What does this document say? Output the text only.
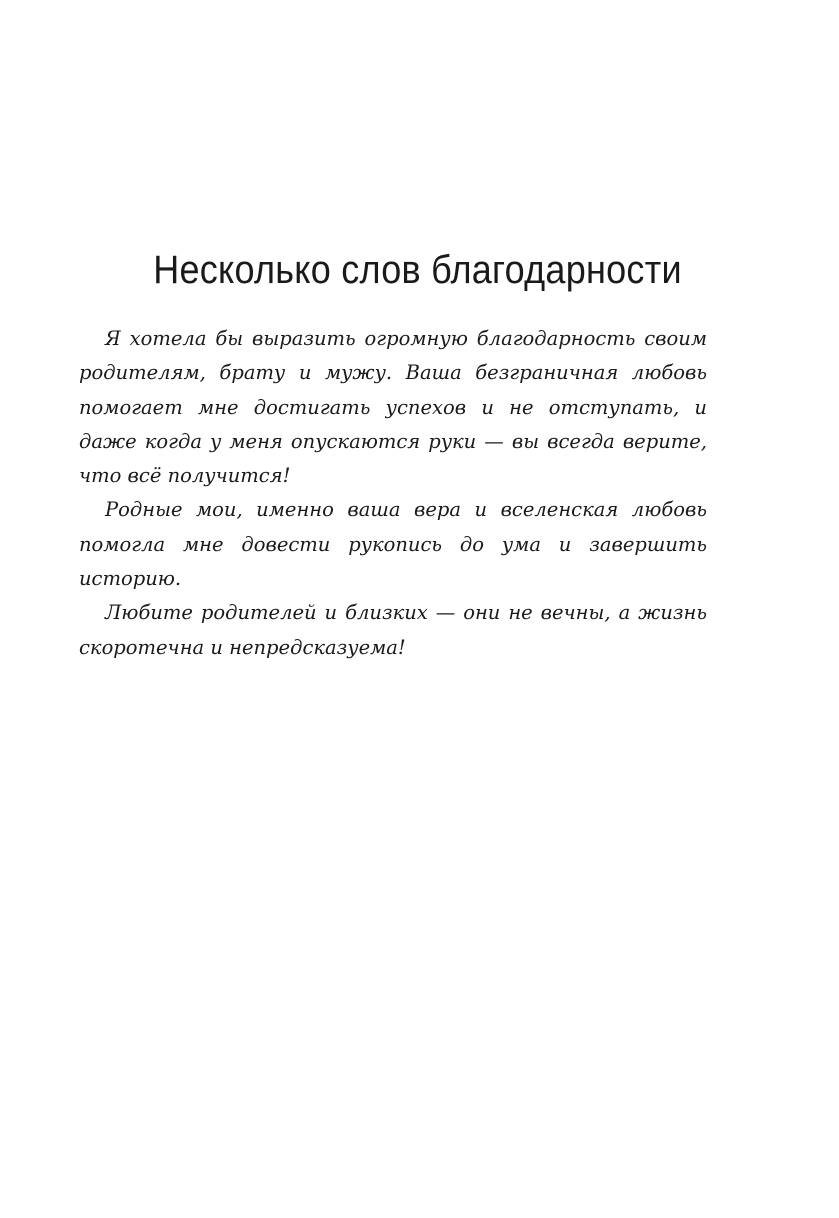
Несколько слов благодарности
Я хотела бы выразить огромную благодарность своим родителям, брату и мужу. Ваша безграничная любовь помогает мне достигать успехов и не отступать, и даже когда у меня опускаются руки — вы всегда верите, что всё получится!
Родные мои, именно ваша вера и вселенская любовь помогла мне довести рукопись до ума и завершить историю.
Любите родителей и близких — они не вечны, а жизнь скоротечна и непредсказуема!
